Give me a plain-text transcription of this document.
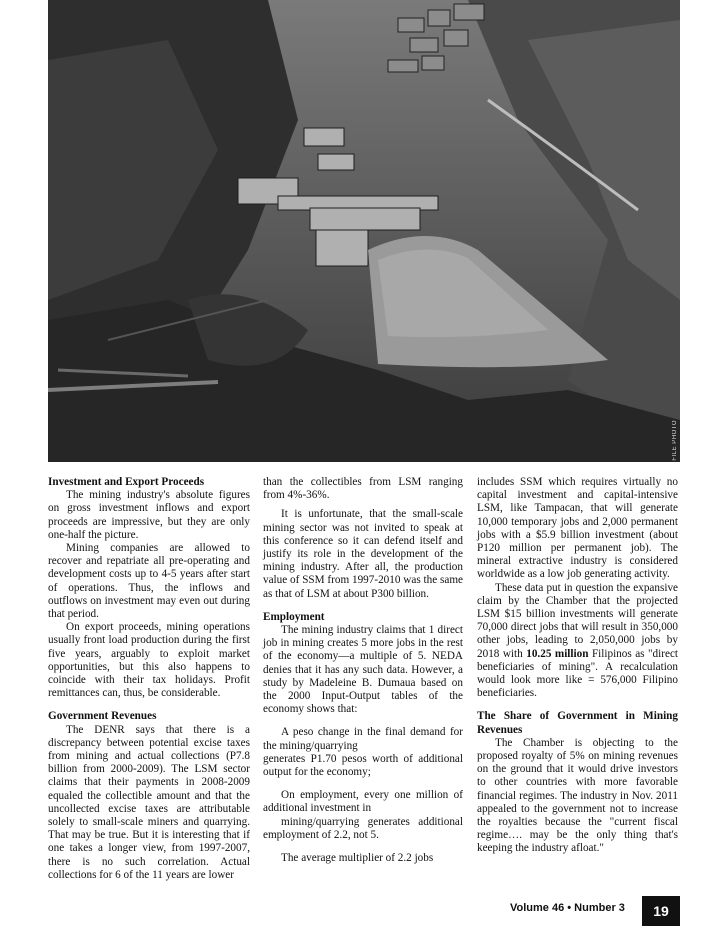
FILE PHOTO
Investment and Export Proceeds

The mining industry's absolute figures on gross investment inflows and export proceeds are impressive, but they are only one-half the picture.

Mining companies are allowed to recover and repatriate all pre-operating and development costs up to 4-5 years after start of operations. Thus, the inflows and outflows on investment may even out during that period.

On export proceeds, mining operations usually front load production during the first five years, arguably to exploit market opportunities, but this also happens to coincide with their tax holidays. Profit remittances can, thus, be considerable.

Government Revenues

The DENR says that there is a discrepancy between potential excise taxes from mining and actual collections (P7.8 billion from 2000-2009). The LSM sector claims that their payments in 2008-2009 equaled the collectible amount and that the uncollected excise taxes are attributable solely to small-scale miners and quarrying. That may be true. But it is interesting that if one takes a longer view, from 1997-2007, there is no such correlation. Actual collections for 6 of the 11 years are lower

than the collectibles from LSM ranging from 4%-36%.

It is unfortunate, that the small-scale mining sector was not invited to speak at this conference so it can defend itself and justify its role in the development of the mining industry. After all, the production value of SSM from 1997-2010 was the same as that of LSM at about P300 billion.

Employment

The mining industry claims that 1 direct job in mining creates 5 more jobs in the rest of the economy—a multiple of 5. NEDA denies that it has any such data. However, a study by Madeleine B. Dumaua based on the 2000 Input-Output tables of the economy shows that:

A peso change in the final demand for the mining/quarrying

generates P1.70 pesos worth of additional output for the economy;

On employment, every one million of additional investment in

mining/quarrying generates additional employment of 2.2, not 5.

The average multiplier of 2.2 jobs

includes SSM which requires virtually no capital investment and capital-intensive LSM, like Tampacan, that will generate 10,000 temporary jobs and 2,000 permanent jobs with a $5.9 billion investment (about P120 million per permanent job). The mineral extractive industry is considered worldwide as a low job generating activity.

These data put in question the expansive claim by the Chamber that the projected LSM $15 billion investments will generate 70,000 direct jobs that will result in 350,000 other jobs, leading to 2,050,000 jobs by 2018 with 10.25 million Filipinos as "direct beneficiaries of mining". A recalculation would look more like = 576,000 Filipino beneficiaries.

The Share of Government in Mining Revenues

The Chamber is objecting to the proposed royalty of 5% on mining revenues on the ground that it would drive investors to other countries with more favorable financial regimes. The industry in Nov. 2011 appealed to the government not to increase the royalties because the "current fiscal regime…. may be the only thing that's keeping the industry afloat."

Volume 46 • Number 3	19
